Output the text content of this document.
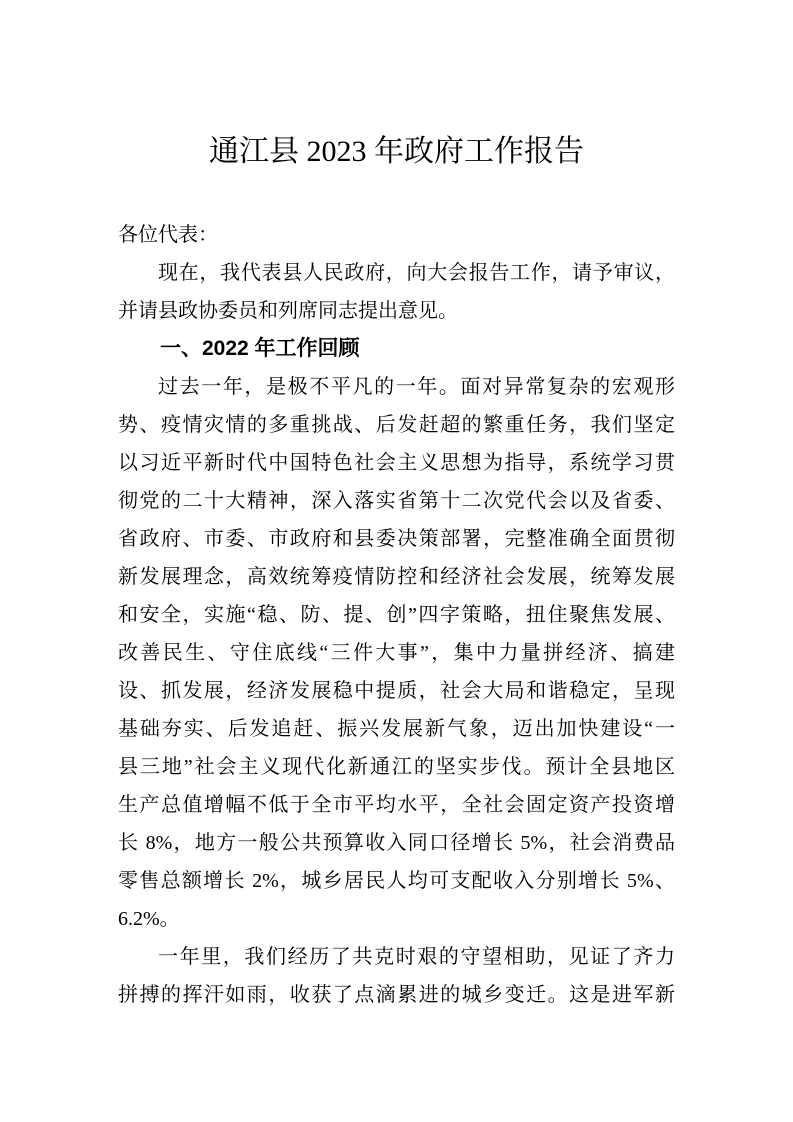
通江县 2023 年政府工作报告

各位代表：

现在，我代表县人民政府，向大会报告工作，请予审议，

并请县政协委员和列席同志提出意见。

一、2022 年工作回顾

过去一年，是极不平凡的一年。面对异常复杂的宏观形

势、疫情灾情的多重挑战、后发赶超的繁重任务，我们坚定

以习近平新时代中国特色社会主义思想为指导，系统学习贯

彻党的二十大精神，深入落实省第十二次党代会以及省委、

省政府、市委、市政府和县委决策部署，完整准确全面贯彻

新发展理念，高效统筹疫情防控和经济社会发展，统筹发展

和安全，实施“稳、防、提、创”四字策略，扭住聚焦发展、

改善民生、守住底线“三件大事”，集中力量拼经济、搞建

设、抓发展，经济发展稳中提质，社会大局和谐稳定，呈现

基础夯实、后发追赶、振兴发展新气象，迈出加快建设“一

县三地”社会主义现代化新通江的坚实步伐。预计全县地区

生产总值增幅不低于全市平均水平，全社会固定资产投资增

长 8%，地方一般公共预算收入同口径增长 5%，社会消费品

零售总额增长 2%，城乡居民人均可支配收入分别增长 5%、

6.2%。

一年里，我们经历了共克时艰的守望相助，见证了齐力

拼搏的挥汗如雨，收获了点滴累进的城乡变迁。这是进军新
